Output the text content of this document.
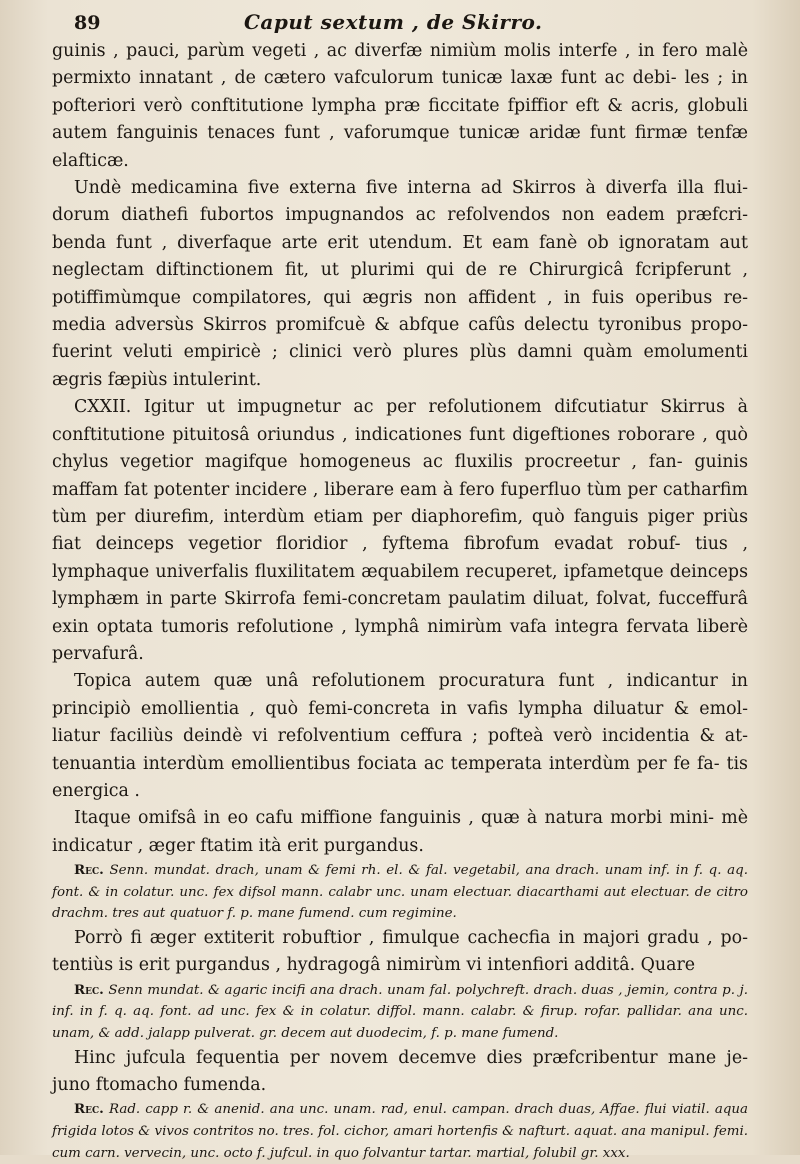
89	Caput sextum , de Skirro.

guinis , pauci, parùm vegeti , ac diverfæ nimiùm molis interfe , in fero malè permixto innatant , de cætero vafculorum tunicæ laxæ funt ac debi- les ; in pofteriori verò conftitutione lympha præ ficcitate fpiffior eft & acris, globuli autem fanguinis tenaces funt , vaforumque tunicæ aridæ funt firmæ tenfæ elafticæ.

Undè medicamina five externa five interna ad Skirros à diverfa illa flui- dorum diathefi fubortos impugnandos ac refolvendos non eadem præfcri- benda funt , diverfaque arte erit utendum. Et eam fanè ob ignoratam aut neglectam diftinctionem fit, ut plurimi qui de re Chirurgicâ fcripferunt , potiffimùmque compilatores, qui ægris non affident , in fuis operibus re- media adversùs Skirros promifcuè & abfque cafûs delectu tyronibus propo- fuerint veluti empiricè ; clinici verò plures plùs damni quàm emolumenti ægris fæpiùs intulerint.

CXXII. Igitur ut impugnetur ac per refolutionem difcutiatur Skirrus à conftitutione pituitosâ oriundus , indicationes funt digeftiones roborare , quò chylus vegetior magifque homogeneus ac fluxilis procreetur , fan- guinis maffam fat potenter incidere , liberare eam à fero fuperfluo tùm per catharfim tùm per diurefim, interdùm etiam per diaphorefim, quò fanguis piger priùs fiat deinceps vegetior floridior , fyftema fibrofum evadat robuf- tius , lymphaque univerfalis fluxilitatem æquabilem recuperet, ipfametque deinceps lymphæm in parte Skirrofa femi-concretam paulatim diluat, folvat, fucceffurâ exin optata tumoris refolutione , lymphâ nimirùm vafa integra fervata liberè pervafurâ.

Topica autem quæ unâ refolutionem procuratura funt , indicantur in principiò emollientia , quò femi-concreta in vafis lympha diluatur & emol- liatur faciliùs deindè vi refolventium ceffura ; pofteà verò incidentia & at- tenuantia interdùm emollientibus fociata ac temperata interdùm per fe fa- tis energica .

Itaque omifsâ in eo cafu miffione fanguinis , quæ à natura morbi mini- mè indicatur , æger ftatim ità erit purgandus.

Rec. Senn. mundat. drach, unam & femi rh. el. & fal. vegetabil, ana drach. unam inf. in f. q. aq. font. & in colatur. unc. fex difsol mann. calabr unc. unam electuar. diacarthami aut electuar. de citro drachm. tres aut quatuor f. p. mane fumend. cum regimine.

Porrò fi æger extiterit robuftior , fimulque cachecfia in majori gradu , po- tentiùs is erit purgandus , hydragogâ nimirùm vi intenfiori additâ. Quare

Rec. Senn mundat. & agaric incifi ana drach. unam fal. polychreft. drach. duas , jemin, contra p. j. inf. in f. q. aq. font. ad unc. fex & in colatur. diffol. mann. calabr. & firup. rofar. pallidar. ana unc. unam, & add. jalapp pulverat. gr. decem aut duodecim, f. p. mane fumend.

Hinc jufcula fequentia per novem decemve dies præfcribentur mane je- juno ftomacho fumenda.

Rec. Rad. capp r. & anenid. ana unc. unam. rad, enul. campan. drach duas, Affae. flui viatil. aqua frigida lotos & vivos contritos no. tres. fol. cichor, amari hortenfis & nafturt. aquat. ana manipul. femi. cum carn. vervecin, unc. octo f. jufcul. in quo folvantur tartar. martial, folubil gr. xxx.
